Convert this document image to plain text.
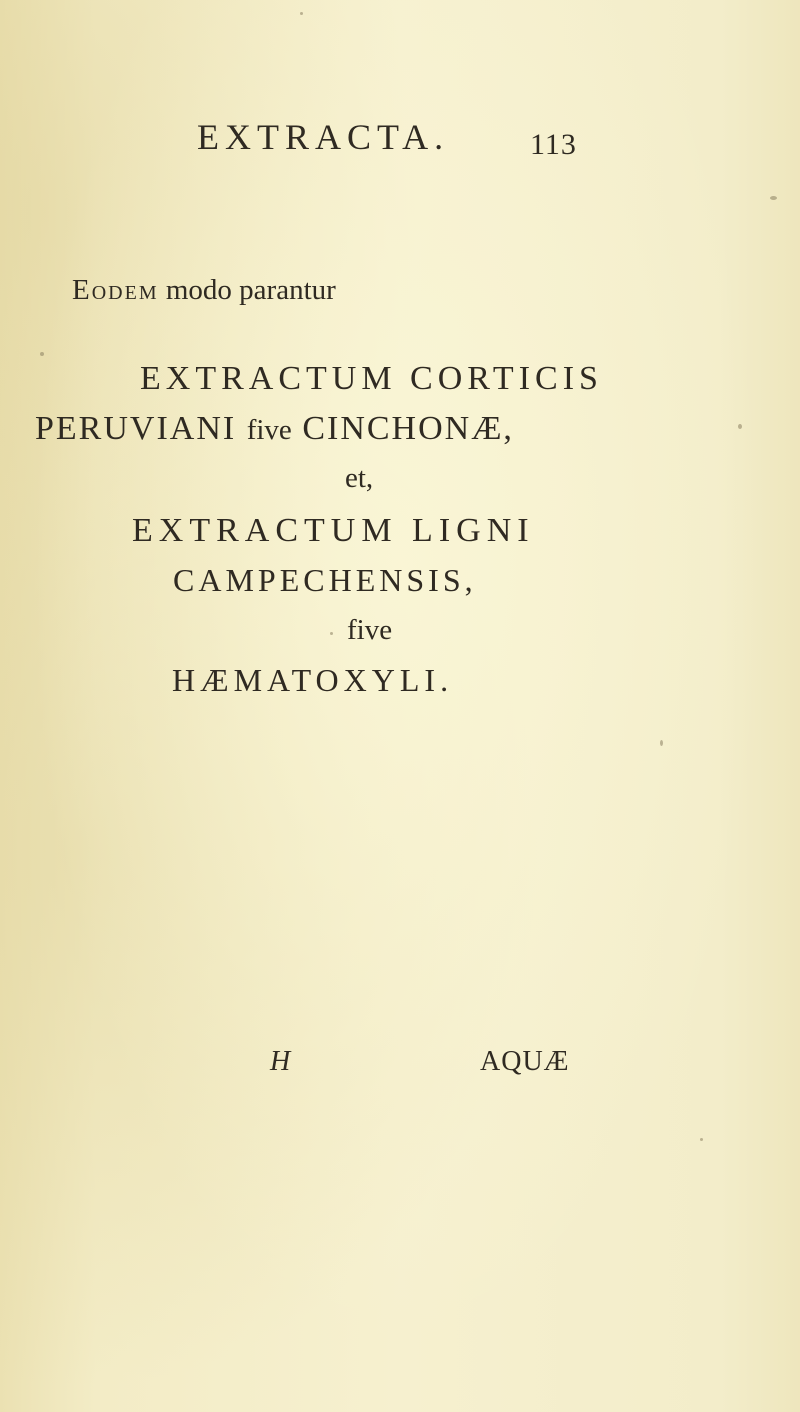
EXTRACTA.	113
Eodem modo parantur
EXTRACTUM CORTICIS
PERUVIANI five CINCHONÆ,
et,
EXTRACTUM LIGNI
CAMPECHENSIS,
five
HÆMATOXYLI.
H	AQUÆ
